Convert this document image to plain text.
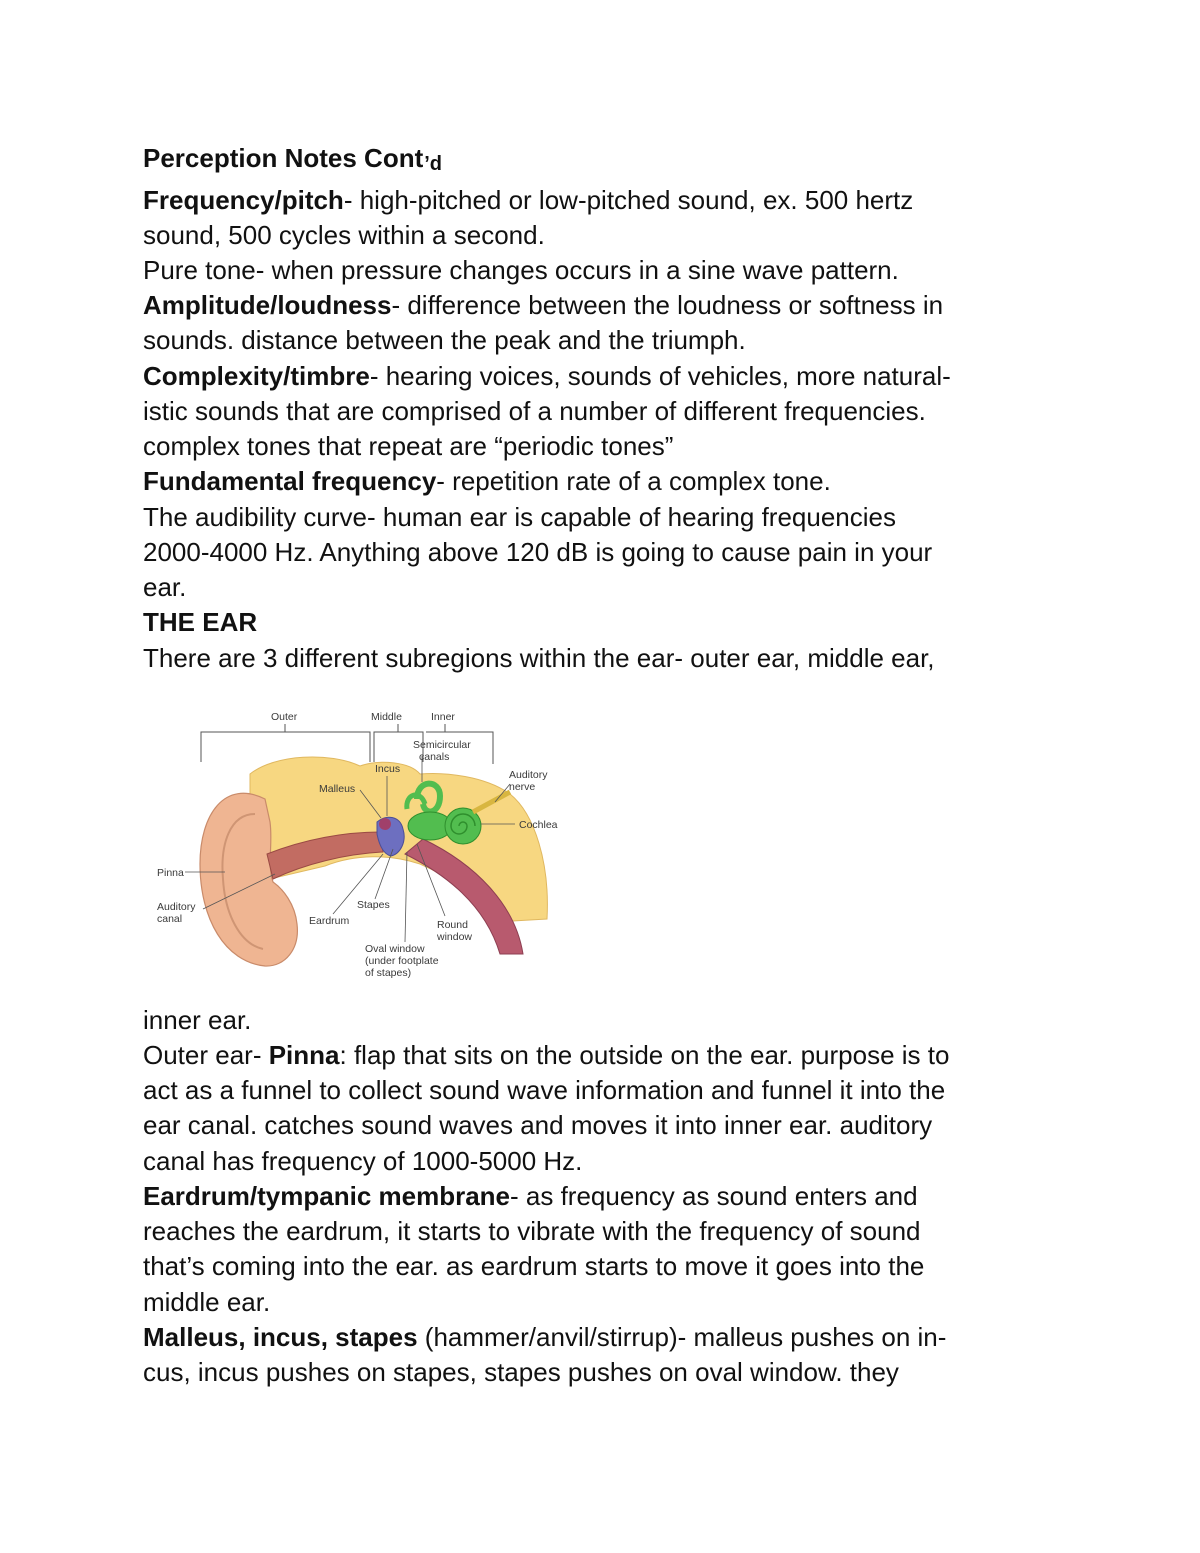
Perception Notes Cont’d
Frequency/pitch- high-pitched or low-pitched sound, ex. 500 hertz
sound, 500 cycles within a second.
Pure tone- when pressure changes occurs in a sine wave pattern.
Amplitude/loudness- difference between the loudness or softness in
sounds. distance between the peak and the triumph.
Complexity/timbre- hearing voices, sounds of vehicles, more natural-
istic sounds that are comprised of a number of different frequencies.
complex tones that repeat are “periodic tones”
Fundamental frequency- repetition rate of a complex tone.
The audibility curve- human ear is capable of hearing frequencies
2000-4000 Hz. Anything above 120 dB is going to cause pain in your
ear.
THE EAR
There are 3 different subregions within the ear- outer ear, middle ear,
Outer	Middle	Inner
Semicircular
canals
Incus
Malleus
Auditory
nerve
Cochlea
Pinna
Auditory
canal
Stapes
Eardrum	Round
window
Oval window
(under footplate
of stapes)
inner ear.
Outer ear- Pinna: flap that sits on the outside on the ear. purpose is to
act as a funnel to collect sound wave information and funnel it into the
ear canal. catches sound waves and moves it into inner ear. auditory
canal has frequency of 1000-5000 Hz.
Eardrum/tympanic membrane- as frequency as sound enters and
reaches the eardrum, it starts to vibrate with the frequency of sound
that’s coming into the ear. as eardrum starts to move it goes into the
middle ear.
Malleus, incus, stapes (hammer/anvil/stirrup)- malleus pushes on in-
cus, incus pushes on stapes, stapes pushes on oval window. they
